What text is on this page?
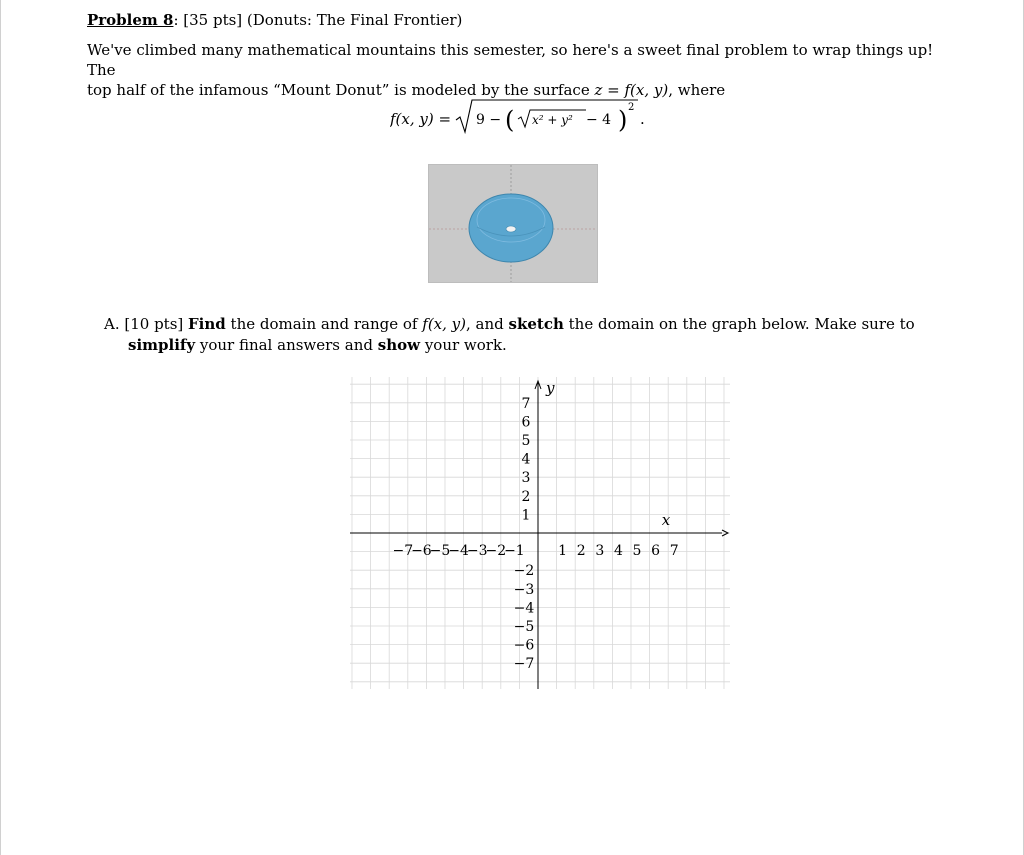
Problem 8: [35 pts] (Donuts: The Final Frontier)
We've climbed many mathematical mountains this semester, so here's a sweet final problem to wrap things up! The
top half of the infamous “Mount Donut” is modeled by the surface z = f(x, y), where
f(x, y) = 9 − ( x² + y² − 4 ) 2
.
A. [10 pts] Find the domain and range of f(x, y), and sketch the domain on the graph below. Make sure to
simplify your final answers and show your work.
x
y
−7
−6
−5
−4
−3
−2
−1 1 2 3 4 5 6 7
7
6
5
4
3
2
1
−2
−3
−4
−5
−6
−7
